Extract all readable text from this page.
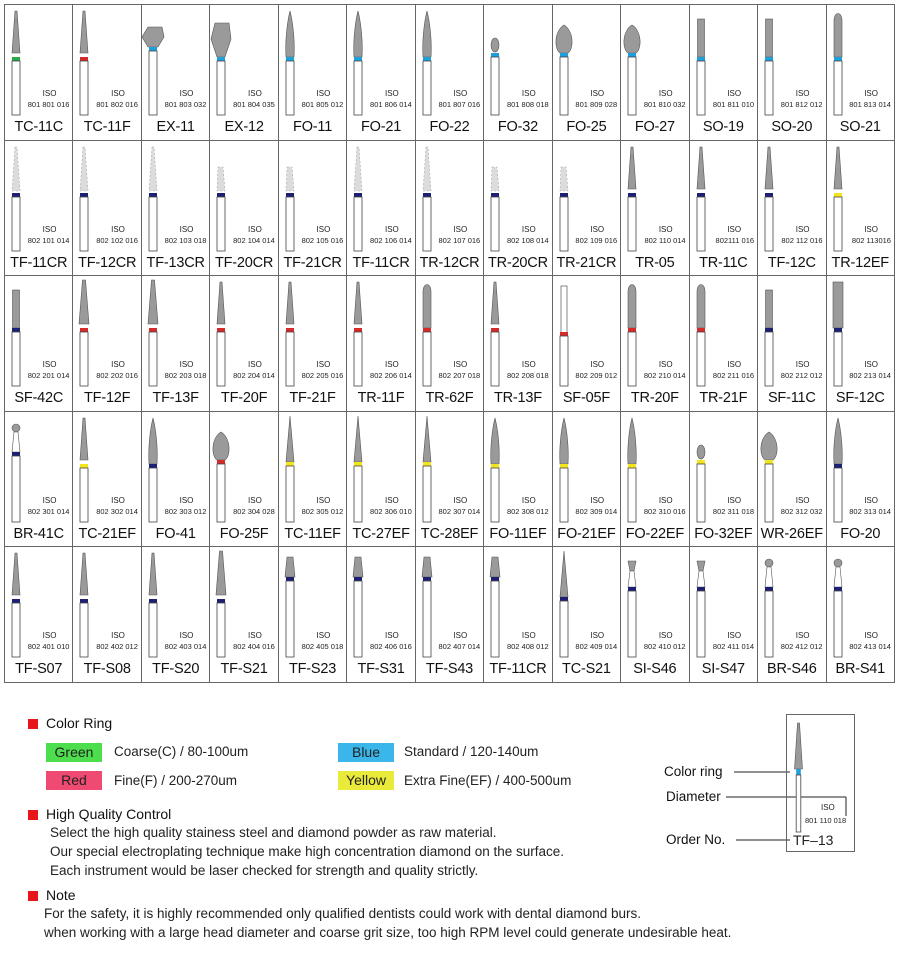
ISO
801 801 016
TC-11C
ISO
801 802 016
TC-11F
ISO
801 803 032
EX-11
ISO
801 804 035
EX-12
ISO
801 805 012
FO-11
ISO
801 806 014
FO-21
ISO
801 807 016
FO-22
ISO
801 808 018
FO-32
ISO
801 809 028
FO-25
ISO
801 810 032
FO-27
ISO
801 811 010
SO-19
ISO
801 812 012
SO-20
ISO
801 813 014
SO-21
ISO
802 101 014
TF-11CR
ISO
802 102 016
TF-12CR
ISO
802 103 018
TF-13CR
ISO
802 104 014
TF-20CR
ISO
802 105 016
TF-21CR
ISO
802 106 014
TF-11CR
ISO
802 107 016
TR-12CR
ISO
802 108 014
TR-20CR
ISO
802 109 016
TR-21CR
ISO
802 110 014
TR-05
ISO
802111 016
TR-11C
ISO
802 112 016
TF-12C
ISO
802 113016
TR-12EF
ISO
802 201 014
SF-42C
ISO
802 202 016
TF-12F
ISO
802 203 018
TF-13F
ISO
802 204 014
TF-20F
ISO
802 205 016
TF-21F
ISO
802 206 014
TR-11F
ISO
802 207 018
TR-62F
ISO
802 208 018
TR-13F
ISO
802 209 012
SF-05F
ISO
802 210 014
TR-20F
ISO
802 211 016
TR-21F
ISO
802 212 012
SF-11C
ISO
802 213 014
SF-12C
ISO
802 301 014
BR-41C
ISO
802 302 014
TC-21EF
ISO
802 303 012
FO-41
ISO
802 304 028
FO-25F
ISO
802 305 012
TC-11EF
ISO
802 306 010
TC-27EF
ISO
802 307 014
TC-28EF
ISO
802 308 012
FO-11EF
ISO
802 309 014
FO-21EF
ISO
802 310 016
FO-22EF
ISO
802 311 018
FO-32EF
ISO
802 312 032
WR-26EF
ISO
802 313 014
FO-20
ISO
802 401 010
TF-S07
ISO
802 402 012
TF-S08
ISO
802 403 014
TF-S20
ISO
802 404 016
TF-S21
ISO
802 405 018
TF-S23
ISO
802 406 016
TF-S31
ISO
802 407 014
TF-S43
ISO
802 408 012
TF-11CR
ISO
802 409 014
TC-S21
ISO
802 410 012
SI-S46
ISO
802 411 014
SI-S47
ISO
802 412 012
BR-S46
ISO
802 413 014
BR-S41
Color Ring
Green	Coarse(C) / 80-100um
Red	Fine(F) / 200-270um
Blue	Standard / 120-140um
Yellow	Extra Fine(EF) / 400-500um
High Quality Control
Select the high quality stainess steel and diamond powder as raw material.
Our special electroplating technique make high concentration diamond on the surface.
Each instrument would be laser checked for strength and quality strictly.
Note
For the safety, it is highly recommended only qualified dentists could work with dental diamond burs.
when working with a large head diameter and coarse grit size, too high RPM level could generate undesirable heat.
Color ring
Diameter
Order No.
ISO
801 110 018
TF–13
